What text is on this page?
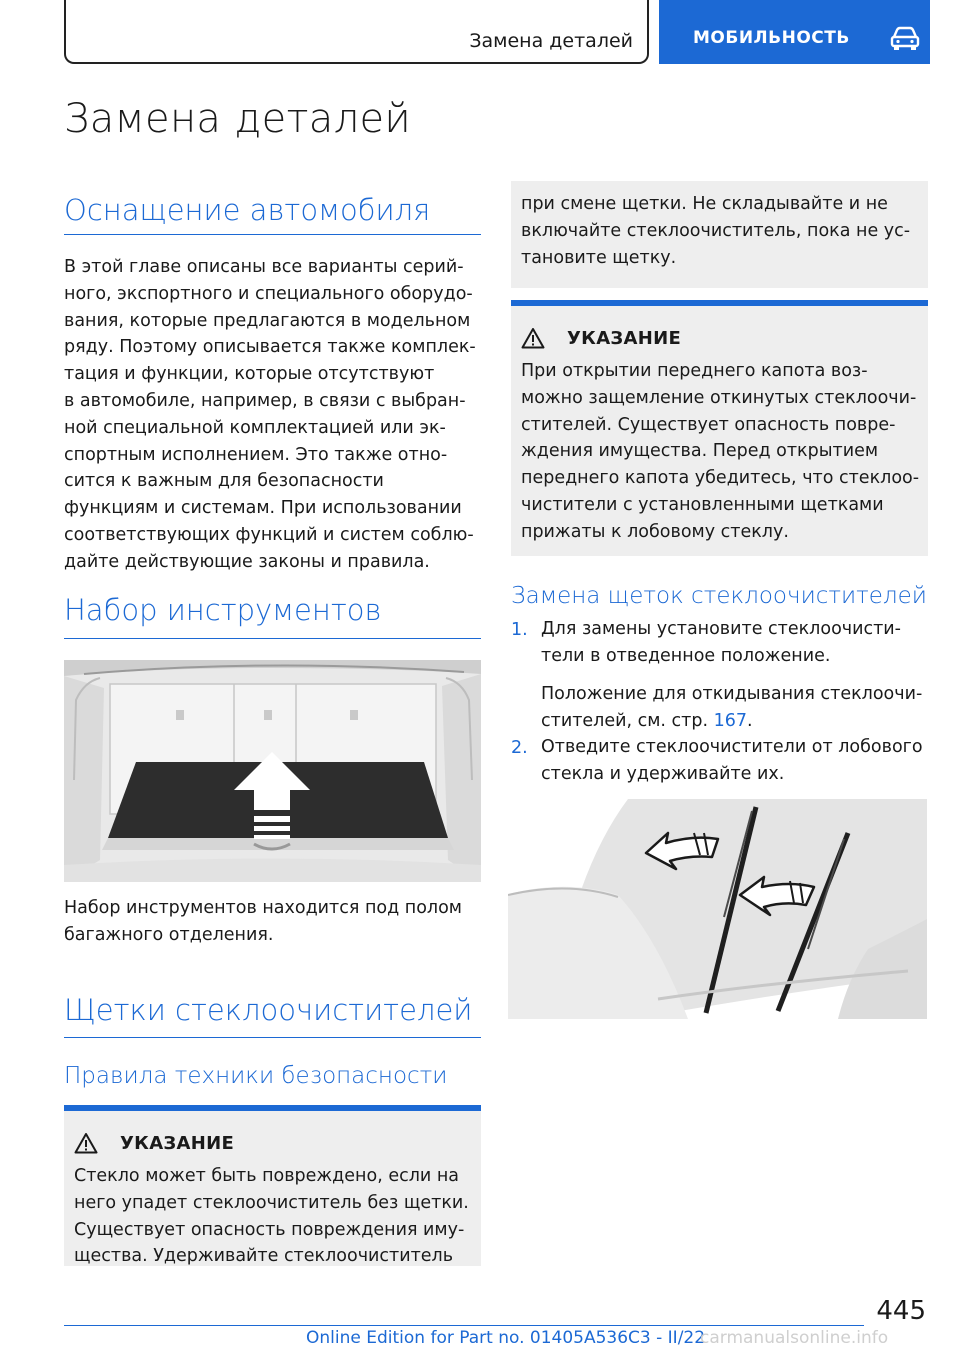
Замена деталей	МОБИЛЬНОСТЬ
Замена деталей
Оснащение автомобиля
В этой главе описаны все варианты серий-
ного, экспортного и специального оборудо-
вания, которые предлагаются в модельном
ряду. Поэтому описывается также комплек-
тация и функции, которые отсутствуют
в автомобиле, например, в связи с выбран-
ной специальной комплектацией или эк-
спортным исполнением. Это также отно-
сится к важным для безопасности
функциям и системам. При использовании
соответствующих функций и систем соблю-
дайте действующие законы и правила.
Набор инструментов
Набор инструментов находится под полом
багажного отделения.
Щетки стеклоочистителей
Правила техники безопасности
УКАЗАНИЕ
Стекло может быть повреждено, если на
него упадет стеклоочиститель без щетки.
Существует опасность повреждения иму-
щества. Удерживайте стеклоочиститель
при смене щетки. Не складывайте и не
включайте стеклоочиститель, пока не ус-
тановите щетку.
УКАЗАНИЕ
При открытии переднего капота воз-
можно защемление откинутых стеклоочи-
стителей. Существует опасность повре-
ждения имущества. Перед открытием
переднего капота убедитесь, что стеклоо-
чистители с установленными щетками
прижаты к лобовому стеклу.
Замена щеток стеклоочистителей
1. Для замены установите стеклоочисти-
тели в отведенное положение.
Положение для откидывания стеклоочи-
стителей, см. стр. 167.
2. Отведите стеклоочистители от лобового
стекла и удерживайте их.
445
Online Edition for Part no. 01405A536C3 - II/22
carmanualsonline.info
